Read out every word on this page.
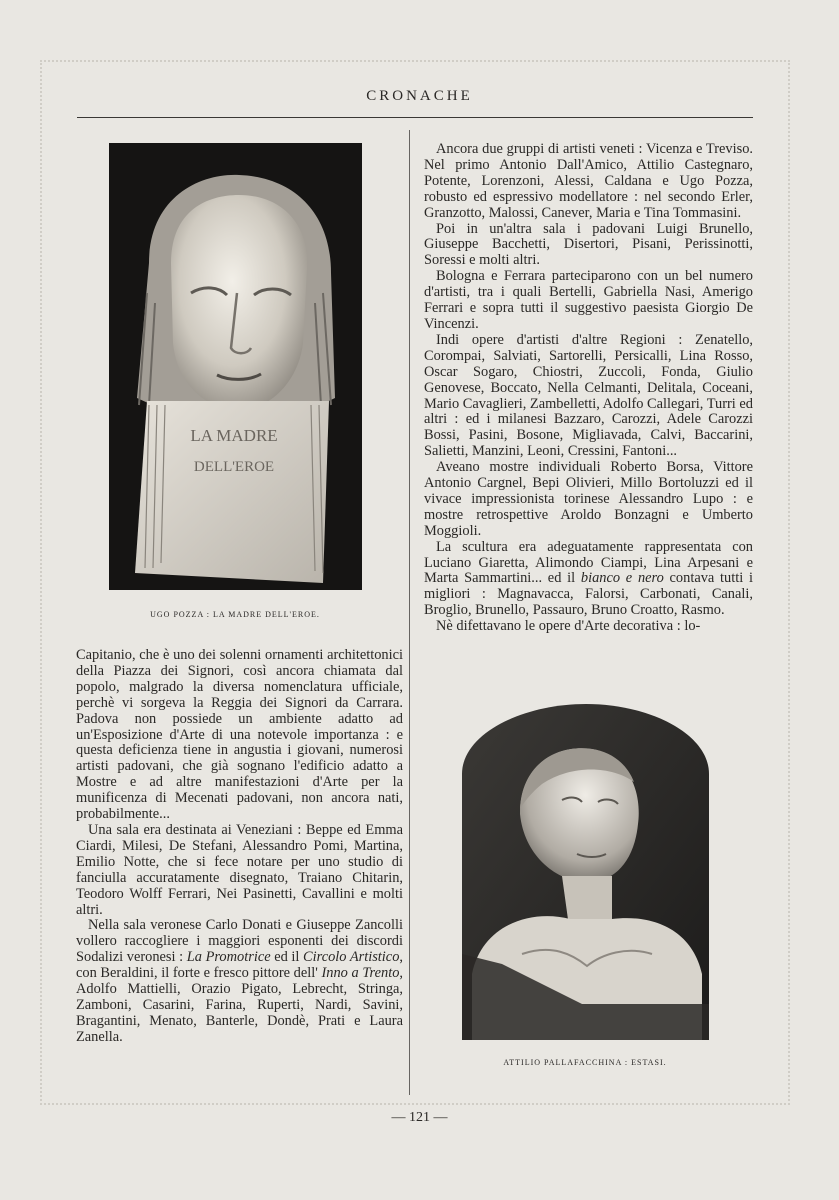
CRONACHE
LA MADRE
DELL'EROE
UGO POZZA : LA MADRE DELL'EROE.
ATTILIO PALLAFACCHINA : ESTASI.

Capitanio, che è uno dei solenni ornamenti architettonici della Piazza dei Signori, così ancora chiamata dal popolo, malgrado la diversa nomenclatura ufficiale, perchè vi sorgeva la Reggia dei Signori da Carrara. Padova non possiede un ambiente adatto ad un'Esposizione d'Arte di una notevole importanza : e questa deficienza tiene in angustia i giovani, numerosi artisti padovani, che già sognano l'edificio adatto a Mostre e ad altre manifestazioni d'Arte per la munificenza di Mecenati padovani, non ancora nati, probabilmente...

Una sala era destinata ai Veneziani : Beppe ed Emma Ciardi, Milesi, De Stefani, Alessandro Pomi, Martina, Emilio Notte, che si fece notare per uno studio di fanciulla accuratamente disegnato, Traiano Chitarin, Teodoro Wolff Ferrari, Nei Pasinetti, Cavallini e molti altri.

Nella sala veronese Carlo Donati e Giuseppe Zancolli vollero raccogliere i maggiori esponenti dei discordi Sodalizi veronesi : La Promotrice ed il Circolo Artistico, con Beraldini, il forte e fresco pittore dell' Inno a Trento, Adolfo Mattielli, Orazio Pigato, Lebrecht, Stringa, Zamboni, Casarini, Farina, Ruperti, Nardi, Savini, Bragantini, Menato, Banterle, Dondè, Prati e Laura Zanella.

Ancora due gruppi di artisti veneti : Vicenza e Treviso. Nel primo Antonio Dall'Amico, Attilio Castegnaro, Potente, Lorenzoni, Alessi, Caldana e Ugo Pozza, robusto ed espressivo modellatore : nel secondo Erler, Granzotto, Malossi, Canever, Maria e Tina Tommasini.

Poi in un'altra sala i padovani Luigi Brunello, Giuseppe Bacchetti, Disertori, Pisani, Perissinotti, Soressi e molti altri.

Bologna e Ferrara parteciparono con un bel numero d'artisti, tra i quali Bertelli, Gabriella Nasi, Amerigo Ferrari e sopra tutti il suggestivo paesista Giorgio De Vincenzi.

Indi opere d'artisti d'altre Regioni : Zenatello, Corompai, Salviati, Sartorelli, Persicalli, Lina Rosso, Oscar Sogaro, Chiostri, Zuccoli, Fonda, Giulio Genovese, Boccato, Nella Celmanti, Delitala, Coceani, Mario Cavaglieri, Zambelletti, Adolfo Callegari, Turri ed altri : ed i milanesi Bazzaro, Carozzi, Adele Carozzi Bossi, Pasini, Bosone, Migliavada, Calvi, Baccarini, Salietti, Manzini, Leoni, Cressini, Fantoni...

Aveano mostre individuali Roberto Borsa, Vittore Antonio Cargnel, Bepi Olivieri, Millo Bortoluzzi ed il vivace impressionista torinese Alessandro Lupo : e mostre retrospettive Aroldo Bonzagni e Umberto Moggioli.

La scultura era adeguatamente rappresentata con Luciano Giaretta, Alimondo Ciampi, Lina Arpesani e Marta Sammartini... ed il bianco e nero contava tutti i migliori : Magnavacca, Falorsi, Carbonati, Canali, Broglio, Brunello, Passauro, Bruno Croatto, Rasmo.

Nè difettavano le opere d'Arte decorativa : lo-

— 121 —
